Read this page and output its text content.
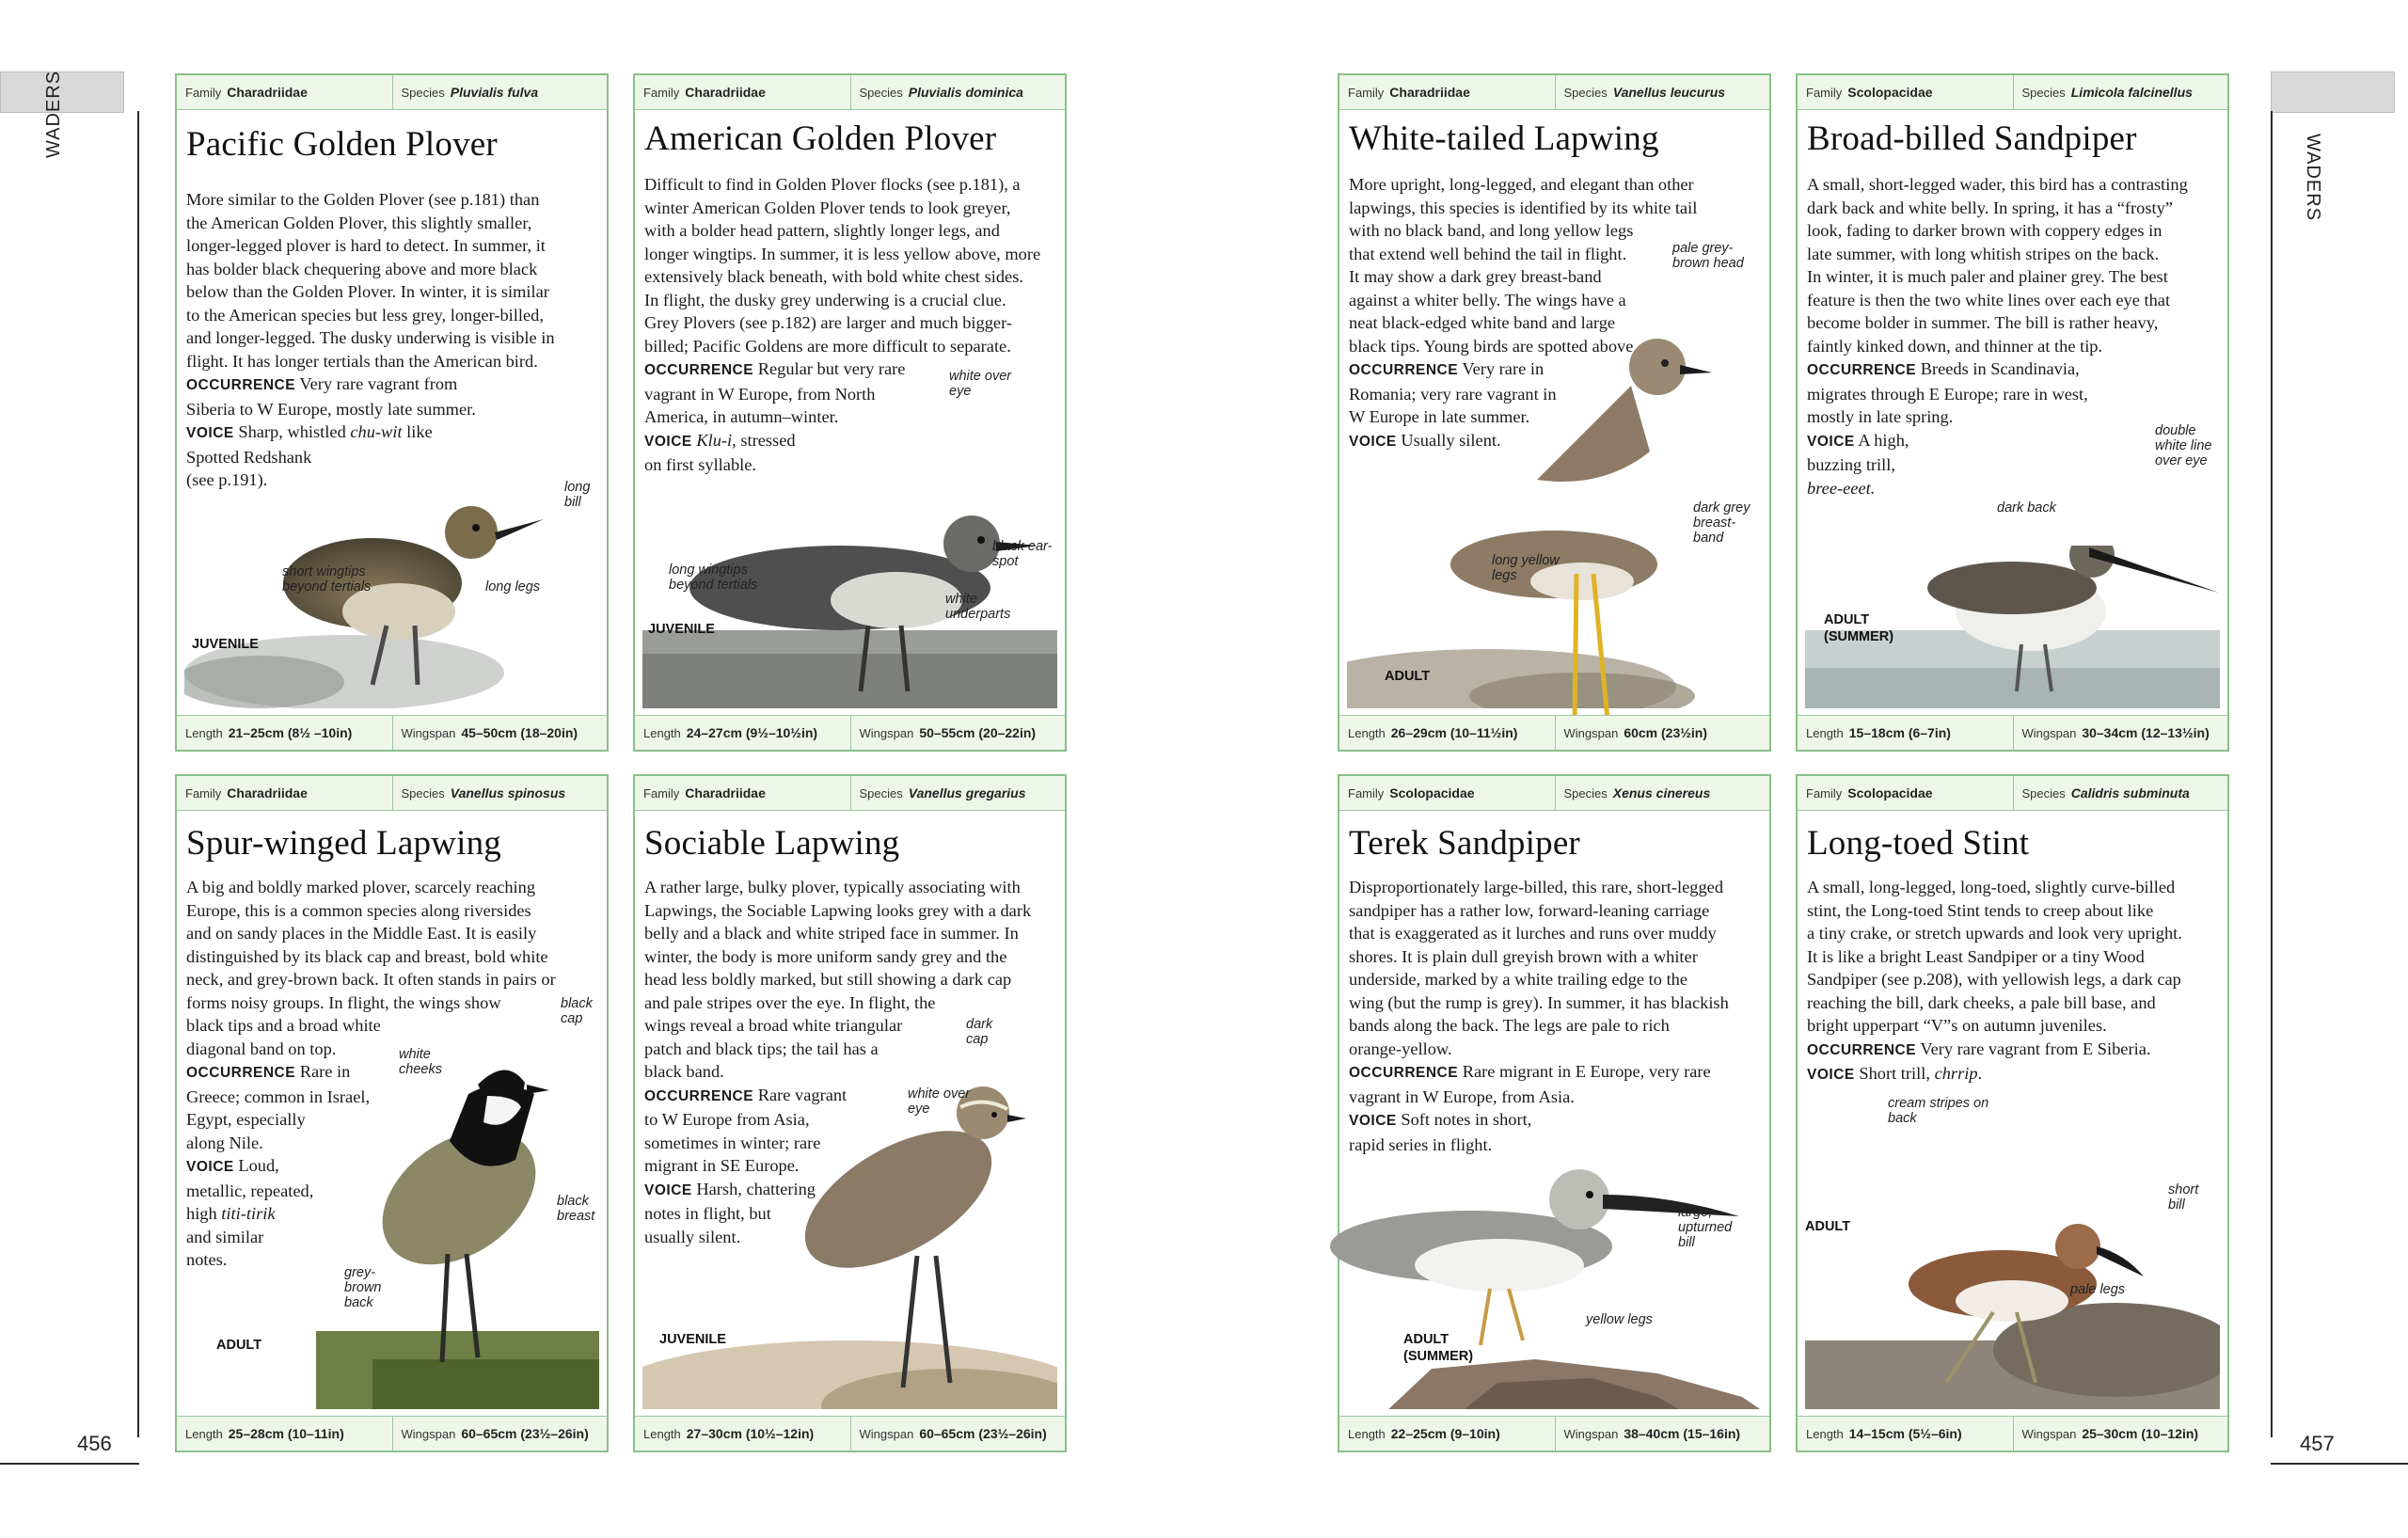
WADERS
456
WADERS
457
Family Charadriidae	Species Pluvialis fulva
Pacific Golden Plover
More similar to the Golden Plover (see p.181) than
the American Golden Plover, this slightly smaller,
longer-legged plover is hard to detect. In summer, it
has bolder black chequering above and more black
below than the Golden Plover. In winter, it is similar
to the American species but less grey, longer-billed,
and longer-legged. The dusky underwing is visible in
flight. It has longer tertials than the American bird.
OCCURRENCE Very rare vagrant from
Siberia to W Europe, mostly late summer.
VOICE Sharp, whistled chu-wit like
Spotted Redshank
(see p.191).
JUVENILE
long bill
short wingtips beyond tertials	long legs
Length 21–25cm (8½ –10in)	Wingspan 45–50cm (18–20in)
Family Charadriidae	Species Pluvialis dominica
American Golden Plover
Difficult to find in Golden Plover flocks (see p.181), a
winter American Golden Plover tends to look greyer,
with a bolder head pattern, slightly longer legs, and
longer wingtips. In summer, it is less yellow above, more
extensively black beneath, with bold white chest sides.
In flight, the dusky grey underwing is a crucial clue.
Grey Plovers (see p.182) are larger and much bigger-
billed; Pacific Goldens are more difficult to separate.
OCCURRENCE Regular but very rare
vagrant in W Europe, from North
America, in autumn–winter.
VOICE Klu-i, stressed
on first syllable.
JUVENILE
white over eye
black ear-spot
long wingtips beyond tertials
white underparts
Length 24–27cm (9½–10½in)	Wingspan 50–55cm (20–22in)
Family Charadriidae	Species Vanellus leucurus
White-tailed Lapwing
More upright, long-legged, and elegant than other
lapwings, this species is identified by its white tail
with no black band, and long yellow legs
that extend well behind the tail in flight.
It may show a dark grey breast-band
against a whiter belly. The wings have a
neat black-edged white band and large
black tips. Young birds are spotted above.
OCCURRENCE Very rare in
Romania; very rare vagrant in
W Europe in late summer.
VOICE Usually silent.
ADULT
pale grey-brown head
dark grey breast-band
long yellow legs
Length 26–29cm (10–11½in)	Wingspan 60cm (23½in)
Family Scolopacidae	Species Limicola falcinellus
Broad-billed Sandpiper
A small, short-legged wader, this bird has a contrasting
dark back and white belly. In spring, it has a “frosty”
look, fading to darker brown with coppery edges in
late summer, with long whitish stripes on the back.
In winter, it is much paler and plainer grey. The best
feature is then the two white lines over each eye that
become bolder in summer. The bill is rather heavy,
faintly kinked down, and thinner at the tip.
OCCURRENCE Breeds in Scandinavia,
migrates through E Europe; rare in west,
mostly in late spring.
VOICE A high,
buzzing trill,
bree-eeet.
ADULT (SUMMER)
double white line over eye
dark back
Length 15–18cm (6–7in)	Wingspan 30–34cm (12–13½in)
Family Charadriidae	Species Vanellus spinosus
Spur-winged Lapwing
A big and boldly marked plover, scarcely reaching
Europe, this is a common species along riversides
and on sandy places in the Middle East. It is easily
distinguished by its black cap and breast, bold white
neck, and grey-brown back. It often stands in pairs or
forms noisy groups. In flight, the wings show
black tips and a broad white
diagonal band on top.
OCCURRENCE Rare in
Greece; common in Israel,
Egypt, especially
along Nile.
VOICE Loud,
metallic, repeated,
high titi-tirik
and similar
notes.
ADULT
black cap
white cheeks
black breast
grey-brown back
Length 25–28cm (10–11in)	Wingspan 60–65cm (23½–26in)
Family Charadriidae	Species Vanellus gregarius
Sociable Lapwing
A rather large, bulky plover, typically associating with
Lapwings, the Sociable Lapwing looks grey with a dark
belly and a black and white striped face in summer. In
winter, the body is more uniform sandy grey and the
head less boldly marked, but still showing a dark cap
and pale stripes over the eye. In flight, the
wings reveal a broad white triangular
patch and black tips; the tail has a
black band.
OCCURRENCE Rare vagrant
to W Europe from Asia,
sometimes in winter; rare
migrant in SE Europe.
VOICE Harsh, chattering
notes in flight, but
usually silent.
JUVENILE
dark cap
white over eye
Length 27–30cm (10½–12in)	Wingspan 60–65cm (23½–26in)
Family Scolopacidae	Species Xenus cinereus
Terek Sandpiper
Disproportionately large-billed, this rare, short-legged
sandpiper has a rather low, forward-leaning carriage
that is exaggerated as it lurches and runs over muddy
shores. It is plain dull greyish brown with a whiter
underside, marked by a white trailing edge to the
wing (but the rump is grey). In summer, it has blackish
bands along the back. The legs are pale to rich
orange-yellow.
OCCURRENCE Rare migrant in E Europe, very rare
vagrant in W Europe, from Asia.
VOICE Soft notes in short,
rapid series in flight.
ADULT (SUMMER)
large, upturned bill
yellow legs
Length 22–25cm (9–10in)	Wingspan 38–40cm (15–16in)
Family Scolopacidae	Species Calidris subminuta
Long-toed Stint
A small, long-legged, long-toed, slightly curve-billed
stint, the Long-toed Stint tends to creep about like
a tiny crake, or stretch upwards and look very upright.
It is like a bright Least Sandpiper or a tiny Wood
Sandpiper (see p.208), with yellowish legs, a dark cap
reaching the bill, dark cheeks, a pale bill base, and
bright upperpart “V”s on autumn juveniles.
OCCURRENCE Very rare vagrant from E Siberia.
VOICE Short trill, chrrip.
ADULT
cream stripes on back
short bill
pale legs
Length 14–15cm (5½–6in)	Wingspan 25–30cm (10–12in)
